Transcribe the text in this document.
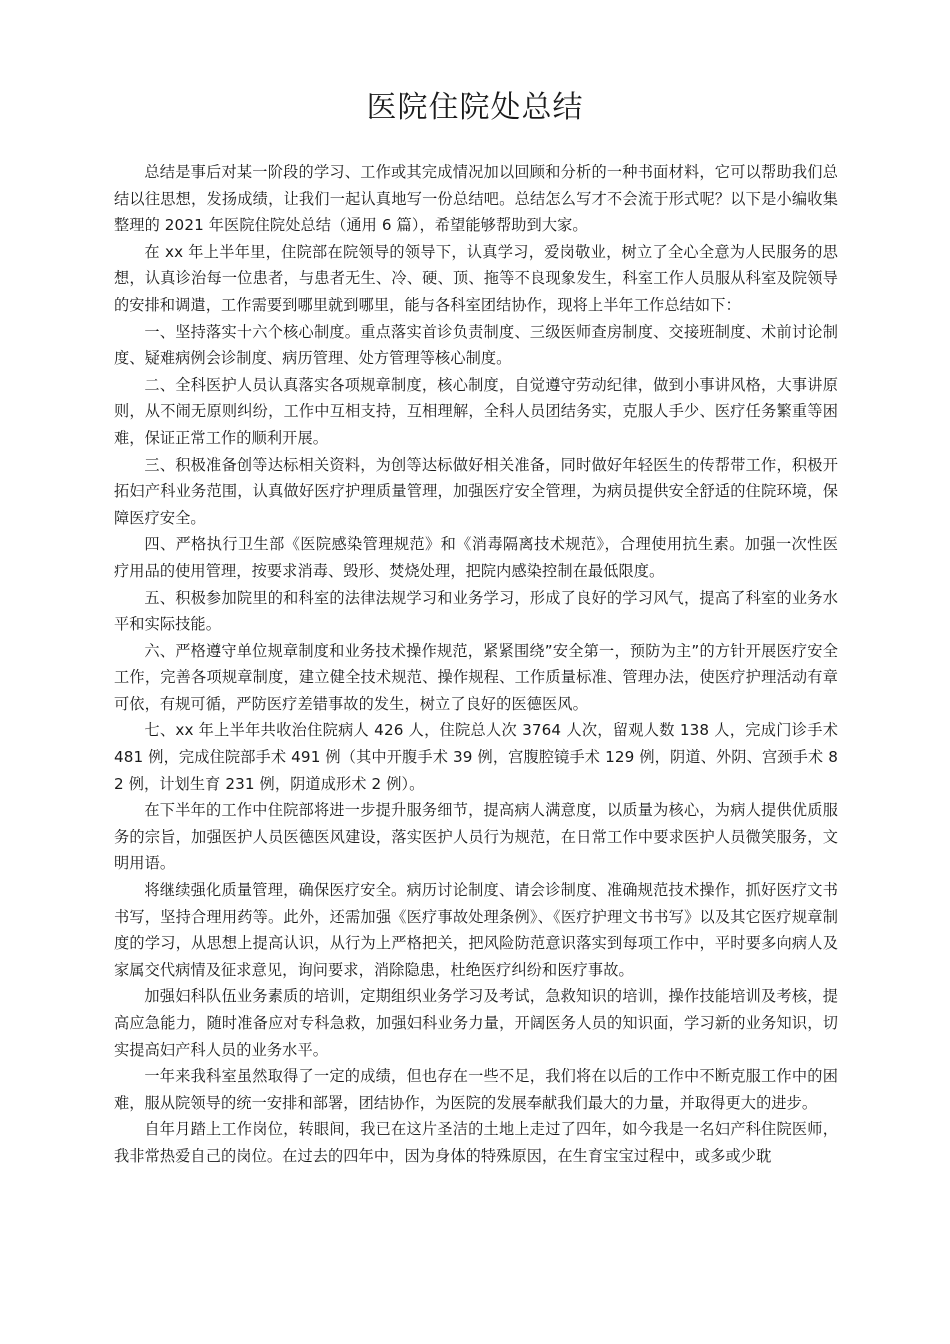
医院住院处总结

总结是事后对某一阶段的学习、工作或其完成情况加以回顾和分析的一种书面材料，它可以帮助我们总结以往思想，发扬成绩，让我们一起认真地写一份总结吧。总结怎么写才不会流于形式呢？以下是小编收集整理的 2021 年医院住院处总结（通用 6 篇），希望能够帮助到大家。

在 xx 年上半年里，住院部在院领导的领导下，认真学习，爱岗敬业，树立了全心全意为人民服务的思想，认真诊治每一位患者，与患者无生、冷、硬、顶、拖等不良现象发生，科室工作人员服从科室及院领导的安排和调遣，工作需要到哪里就到哪里，能与各科室团结协作，现将上半年工作总结如下：

一、坚持落实十六个核心制度。重点落实首诊负责制度、三级医师查房制度、交接班制度、术前讨论制度、疑难病例会诊制度、病历管理、处方管理等核心制度。

二、全科医护人员认真落实各项规章制度，核心制度，自觉遵守劳动纪律，做到小事讲风格，大事讲原则，从不闹无原则纠纷，工作中互相支持，互相理解，全科人员团结务实，克服人手少、医疗任务繁重等困难，保证正常工作的顺利开展。

三、积极准备创等达标相关资料，为创等达标做好相关准备，同时做好年轻医生的传帮带工作，积极开拓妇产科业务范围，认真做好医疗护理质量管理，加强医疗安全管理，为病员提供安全舒适的住院环境，保障医疗安全。

四、严格执行卫生部《医院感染管理规范》和《消毒隔离技术规范》，合理使用抗生素。加强一次性医疗用品的使用管理，按要求消毒、毁形、焚烧处理，把院内感染控制在最低限度。

五、积极参加院里的和科室的法律法规学习和业务学习，形成了良好的学习风气，提高了科室的业务水平和实际技能。

六、严格遵守单位规章制度和业务技术操作规范，紧紧围绕”安全第一，预防为主”的方针开展医疗安全工作，完善各项规章制度，建立健全技术规范、操作规程、工作质量标准、管理办法，使医疗护理活动有章可依，有规可循，严防医疗差错事故的发生，树立了良好的医德医风。

七、xx 年上半年共收治住院病人 426 人，住院总人次 3764 人次，留观人数 138 人，完成门诊手术 481 例，完成住院部手术 491 例（其中开腹手术 39 例，宫腹腔镜手术 129 例，阴道、外阴、宫颈手术 82 例，计划生育 231 例，阴道成形术 2 例）。

在下半年的工作中住院部将进一步提升服务细节，提高病人满意度，以质量为核心，为病人提供优质服务的宗旨，加强医护人员医德医风建设，落实医护人员行为规范，在日常工作中要求医护人员微笑服务，文明用语。

将继续强化质量管理，确保医疗安全。病历讨论制度、请会诊制度、准确规范技术操作，抓好医疗文书书写，坚持合理用药等。此外，还需加强《医疗事故处理条例》、《医疗护理文书书写》以及其它医疗规章制度的学习，从思想上提高认识，从行为上严格把关，把风险防范意识落实到每项工作中，平时要多向病人及家属交代病情及征求意见，询问要求，消除隐患，杜绝医疗纠纷和医疗事故。

加强妇科队伍业务素质的培训，定期组织业务学习及考试，急救知识的培训，操作技能培训及考核，提高应急能力，随时准备应对专科急救，加强妇科业务力量，开阔医务人员的知识面，学习新的业务知识，切实提高妇产科人员的业务水平。

一年来我科室虽然取得了一定的成绩，但也存在一些不足，我们将在以后的工作中不断克服工作中的困难，服从院领导的统一安排和部署，团结协作，为医院的发展奉献我们最大的力量，并取得更大的进步。

自年月踏上工作岗位，转眼间，我已在这片圣洁的土地上走过了四年，如今我是一名妇产科住院医师，我非常热爱自己的岗位。在过去的四年中，因为身体的特殊原因，在生育宝宝过程中，或多或少耽
